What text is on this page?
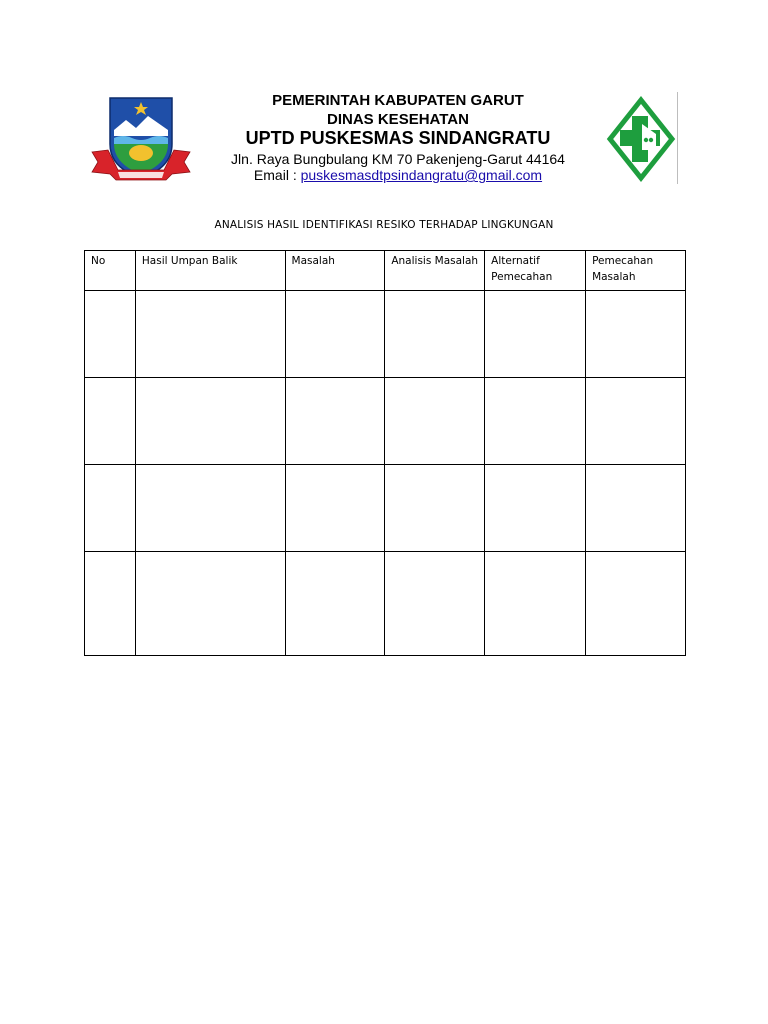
PEMERINTAH KABUPATEN GARUT
DINAS KESEHATAN
UPTD PUSKESMAS SINDANGRATU
Jln. Raya Bungbulang KM 70 Pakenjeng-Garut 44164
Email : puskesmasdtpsindangratu@gmail.com
ANALISIS HASIL IDENTIFIKASI RESIKO TERHADAP LINGKUNGAN
No	Hasil Umpan Balik	Masalah	Analisis Masalah	Alternatif Pemecahan	Pemecahan Masalah
